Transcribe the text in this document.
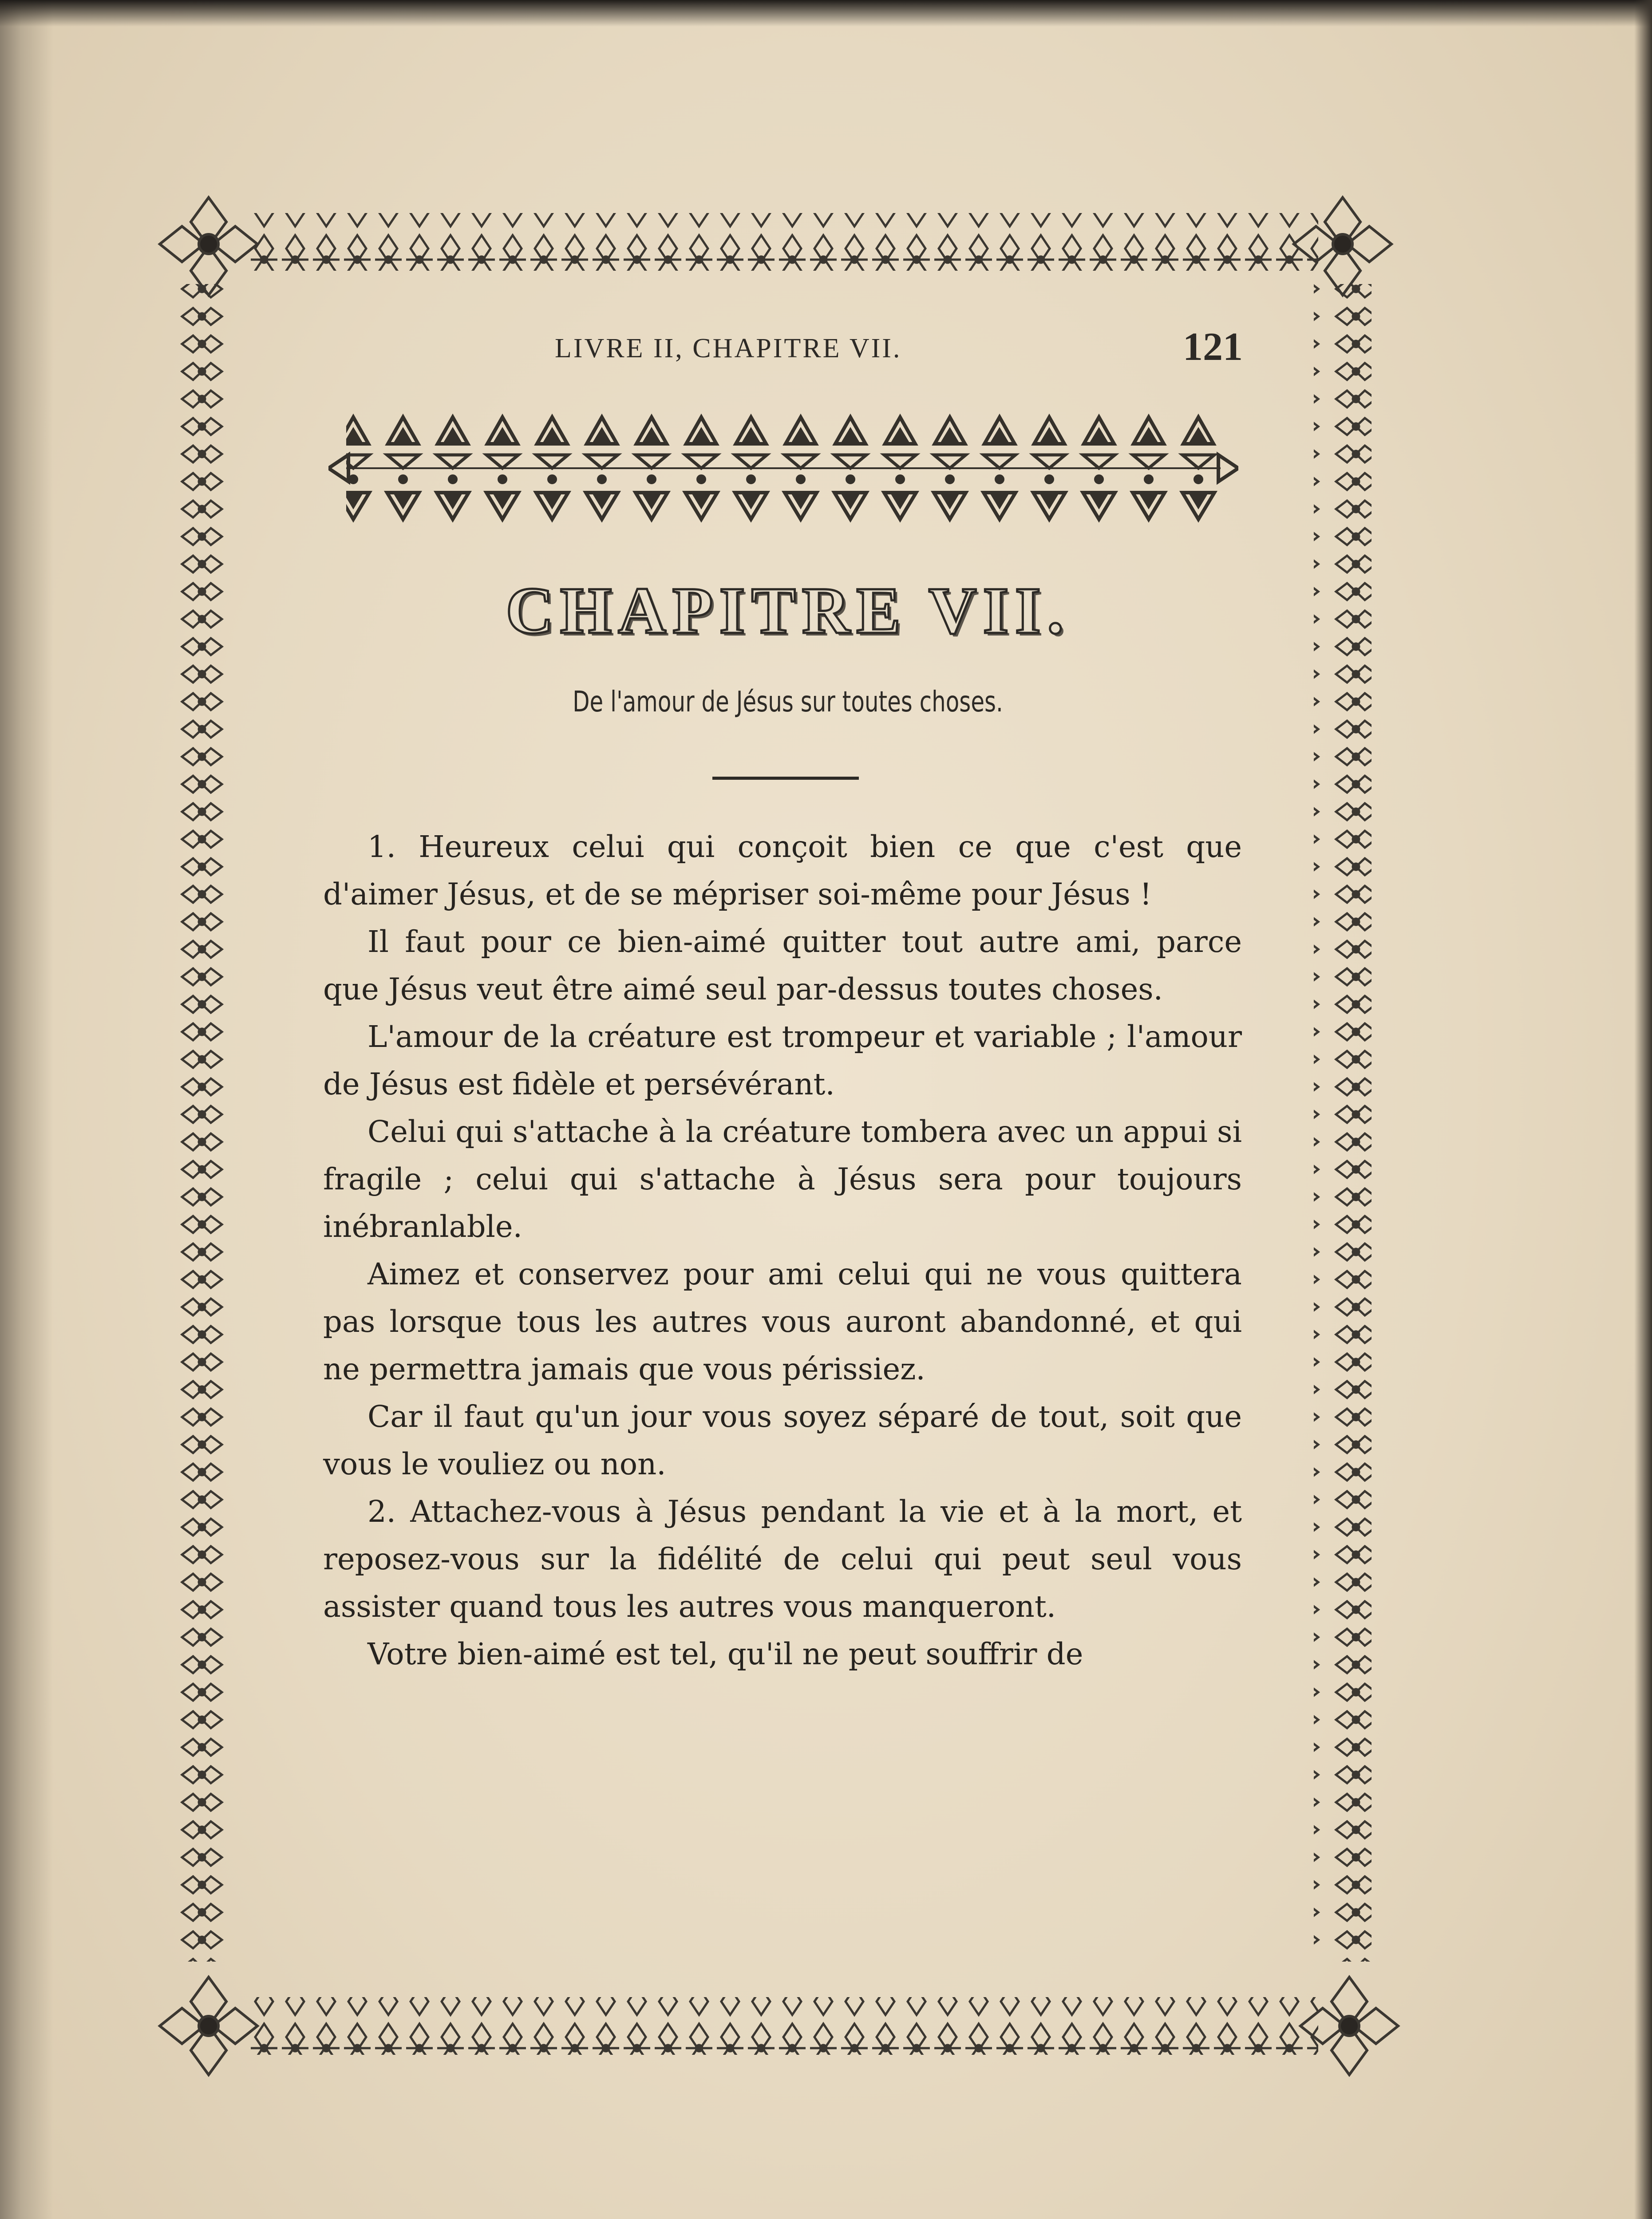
LIVRE II, CHAPITRE VII.	121
CHAPITRE VII.
De l'amour de Jésus sur toutes choses.

1. Heureux celui qui conçoit bien ce que c'est que d'aimer Jésus, et de se mépriser soi-même pour Jésus !

Il faut pour ce bien-aimé quitter tout autre ami, parce que Jésus veut être aimé seul par-dessus toutes choses.

L'amour de la créature est trompeur et variable ; l'amour de Jésus est fidèle et persévérant.

Celui qui s'attache à la créature tombera avec un appui si fragile ; celui qui s'attache à Jésus sera pour toujours inébranlable.

Aimez et conservez pour ami celui qui ne vous quittera pas lorsque tous les autres vous auront abandonné, et qui ne permettra jamais que vous périssiez.

Car il faut qu'un jour vous soyez séparé de tout, soit que vous le vouliez ou non.

2. Attachez-vous à Jésus pendant la vie et à la mort, et reposez-vous sur la fidélité de celui qui peut seul vous assister quand tous les autres vous manqueront.

Votre bien-aimé est tel, qu'il ne peut souffrir de
